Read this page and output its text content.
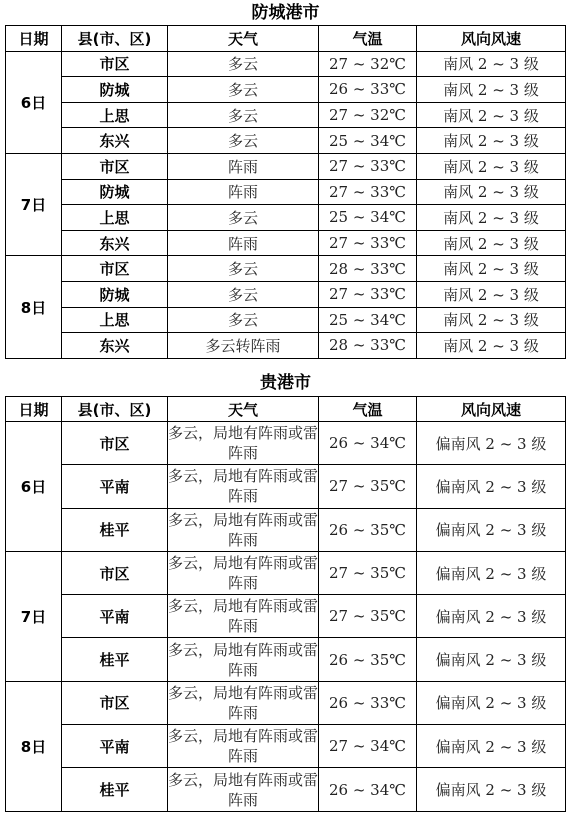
防城港市
日期	县(市、区)	天气	气温	风向风速
6日	市区	多云	27 ~ 32℃	南风 2 ~ 3 级
	防城	多云	26 ~ 33℃	南风 2 ~ 3 级
	上思	多云	27 ~ 32℃	南风 2 ~ 3 级
	东兴	多云	25 ~ 34℃	南风 2 ~ 3 级
7日	市区	阵雨	27 ~ 33℃	南风 2 ~ 3 级
	防城	阵雨	27 ~ 33℃	南风 2 ~ 3 级
	上思	多云	25 ~ 34℃	南风 2 ~ 3 级
	东兴	阵雨	27 ~ 33℃	南风 2 ~ 3 级
8日	市区	多云	28 ~ 33℃	南风 2 ~ 3 级
	防城	多云	27 ~ 33℃	南风 2 ~ 3 级
	上思	多云	25 ~ 34℃	南风 2 ~ 3 级
	东兴	多云转阵雨	28 ~ 33℃	南风 2 ~ 3 级
贵港市
日期	县(市、区)	天气	气温	风向风速
6日	市区	多云，局地有阵雨或雷阵雨	26 ~ 34℃	偏南风 2 ~ 3 级
	平南	多云，局地有阵雨或雷阵雨	27 ~ 35℃	偏南风 2 ~ 3 级
	桂平	多云，局地有阵雨或雷阵雨	26 ~ 35℃	偏南风 2 ~ 3 级
7日	市区	多云，局地有阵雨或雷阵雨	27 ~ 35℃	偏南风 2 ~ 3 级
	平南	多云，局地有阵雨或雷阵雨	27 ~ 35℃	偏南风 2 ~ 3 级
	桂平	多云，局地有阵雨或雷阵雨	26 ~ 35℃	偏南风 2 ~ 3 级
8日	市区	多云，局地有阵雨或雷阵雨	26 ~ 33℃	偏南风 2 ~ 3 级
	平南	多云，局地有阵雨或雷阵雨	27 ~ 34℃	偏南风 2 ~ 3 级
	桂平	多云，局地有阵雨或雷阵雨	26 ~ 34℃	偏南风 2 ~ 3 级
